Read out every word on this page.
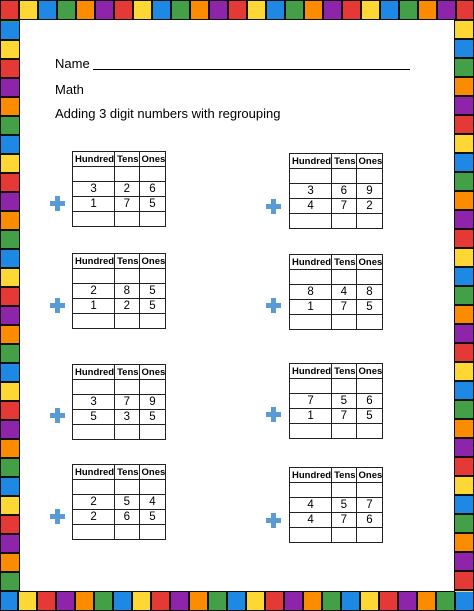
Name
Math
Adding 3 digit numbers with regrouping
Hundred	Tens	Ones

3	2	6
1	7	5

Hundred	Tens	Ones

3	6	9
4	7	2

Hundred	Tens	Ones

2	8	5
1	2	5

Hundred	Tens	Ones

8	4	8
1	7	5

Hundred	Tens	Ones

3	7	9
5	3	5

Hundred	Tens	Ones

7	5	6
1	7	5

Hundred	Tens	Ones

2	5	4
2	6	5

Hundred	Tens	Ones

4	5	7
4	7	6
